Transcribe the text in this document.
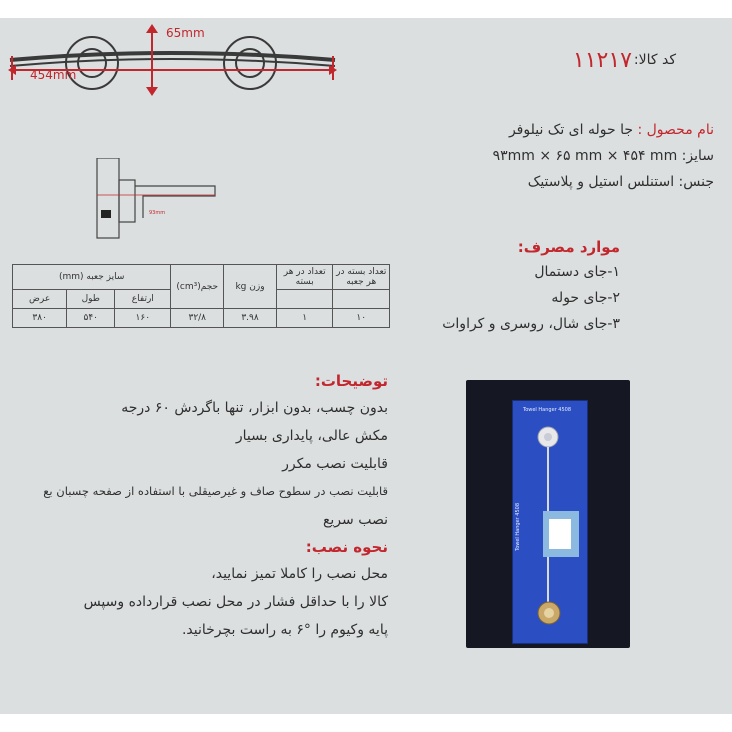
65mm
454mm
93mm
کد کالا:
۱۱۲۱۷
نام محصول : جا حوله ای تک نیلوفر
سایز: ۹۳mm × ۶۵ mm × ۴۵۴ mm
جنس: استنلس استیل و پلاستیک
موارد مصرف:
۱-جای دستمال
۲-جای حوله
۳-جای شال، روسری و کراوات
تعداد بسته در هر جعبه	تعداد در هر بسته	وزن kg	حجم(cm³)	سایز جعبه (mm)		
				ارتفاع	طول	عرض
۱۰	۱	۳.۹۸	۳۲/۸	۱۶۰	۵۴۰	۳۸۰
توضیحات:
بدون چسب، بدون ابزار، تنها باگردش ۶۰ درجه
مکش عالی، پایداری بسیار
قابلیت نصب مکرر
قابلیت نصب در سطوح صاف و غیرصیقلی با استفاده از صفحه چسبان بع
نصب سریع
نحوه نصب:
محل نصب را کاملا تمیز نمایید،
کالا را با حداقل فشار در محل نصب قرارداده وسپس
پایه وکیوم را °۶ به راست بچرخانید.
Towel Hanger 4508
Towel Hanger 4508
